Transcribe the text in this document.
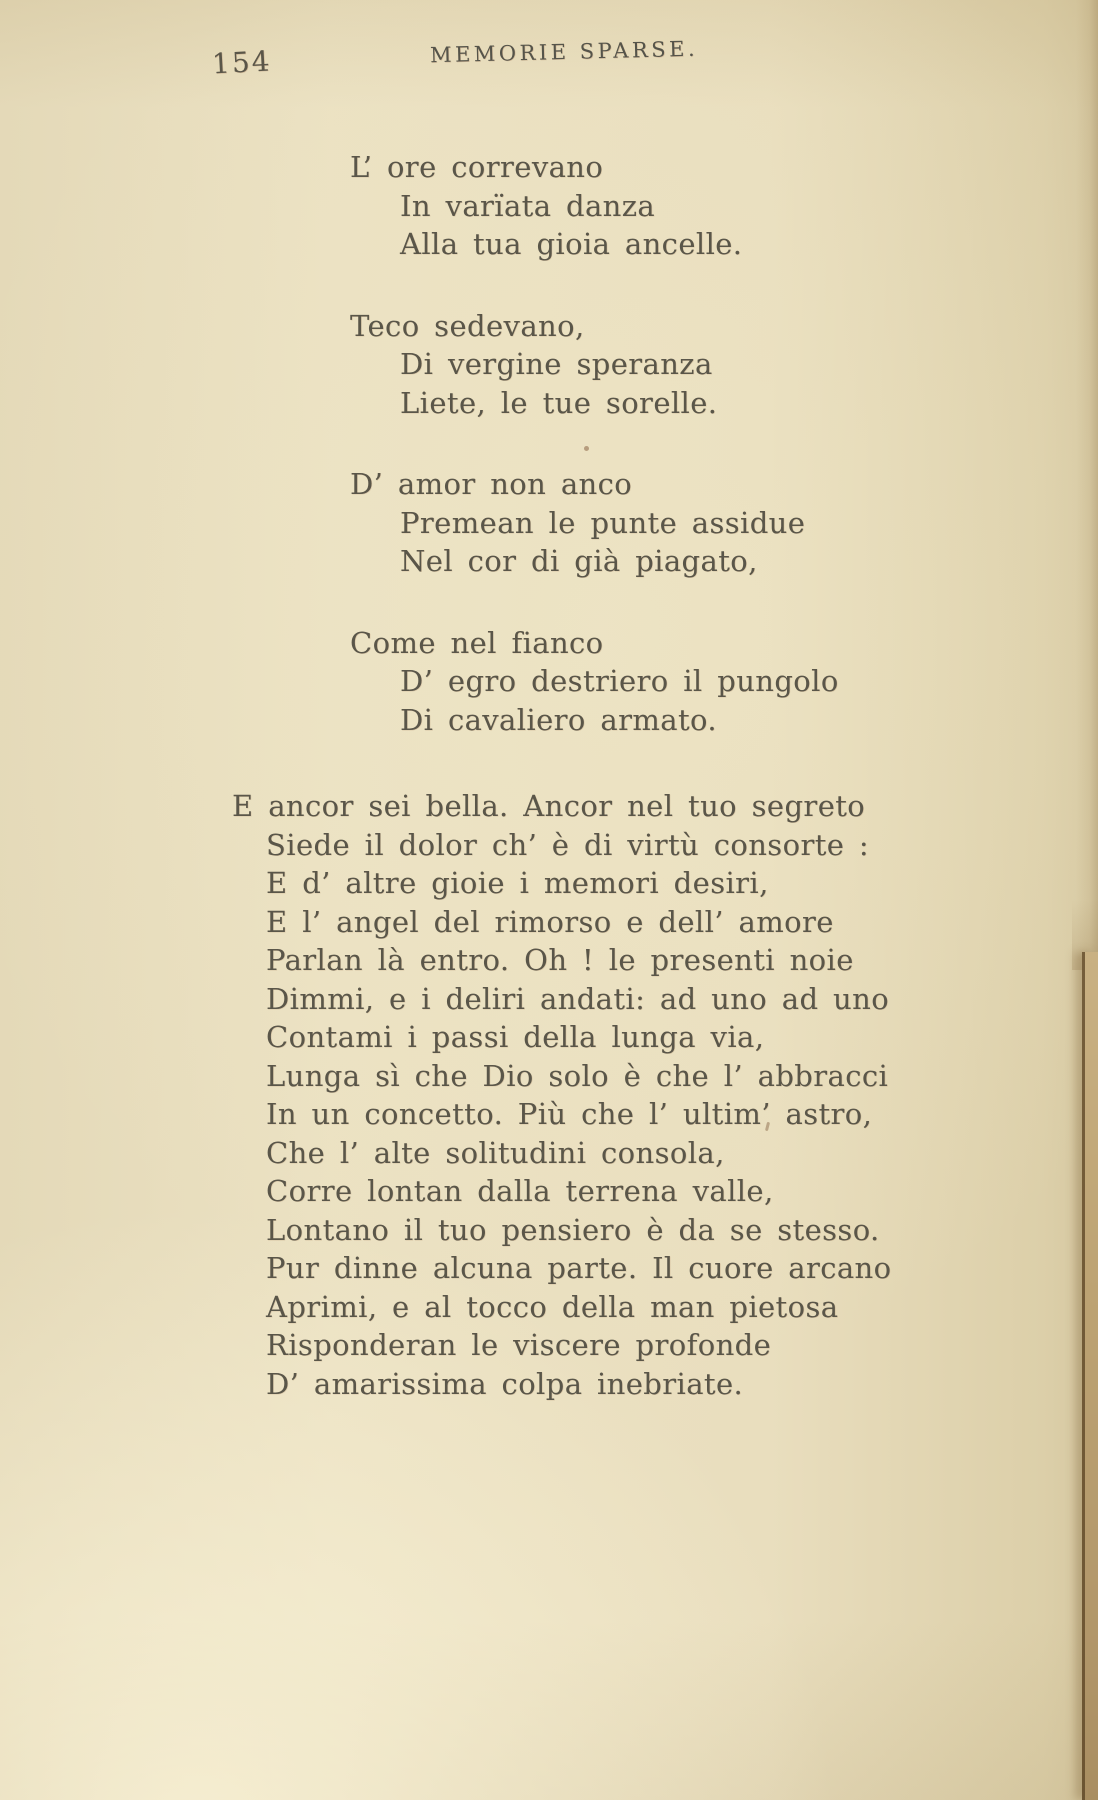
154	MEMORIE SPARSE.
L’ ore correvano
In varïata danza
Alla tua gioia ancelle.
Teco sedevano,
Di vergine speranza
Liete, le tue sorelle.
D’ amor non anco
Premean le punte assidue
Nel cor di già piagato,
Come nel fianco
D’ egro destriero il pungolo
Di cavaliero armato.
E ancor sei bella. Ancor nel tuo segreto
Siede il dolor ch’ è di virtù consorte :
E d’ altre gioie i memori desiri,
E l’ angel del rimorso e dell’ amore
Parlan là entro. Oh ! le presenti noie
Dimmi, e i deliri andati: ad uno ad uno
Contami i passi della lunga via,
Lunga sì che Dio solo è che l’ abbracci
In un concetto. Più che l’ ultim’ astro,
Che l’ alte solitudini consola,
Corre lontan dalla terrena valle,
Lontano il tuo pensiero è da se stesso.
Pur dinne alcuna parte. Il cuore arcano
Aprimi, e al tocco della man pietosa
Risponderan le viscere profonde
D’ amarissima colpa inebriate.
